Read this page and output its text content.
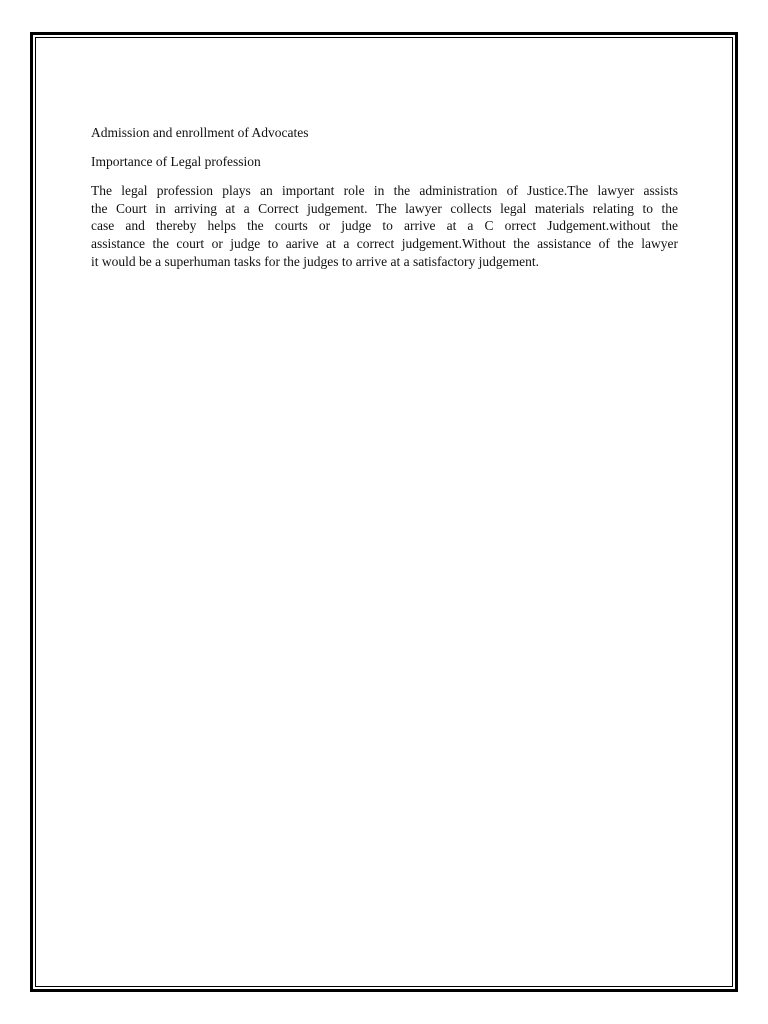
Admission and enrollment of Advocates

Importance of Legal profession

The legal profession plays an important role in the administration of Justice.The lawyer assists
the Court in arriving at a Correct judgement. The lawyer collects legal materials relating to the
case and thereby helps the courts or judge to arrive at a C orrect Judgement.without the
assistance the court or judge to aarive at a correct judgement.Without the assistance of the lawyer
it would be a superhuman tasks for the judges to arrive at a satisfactory judgement.
